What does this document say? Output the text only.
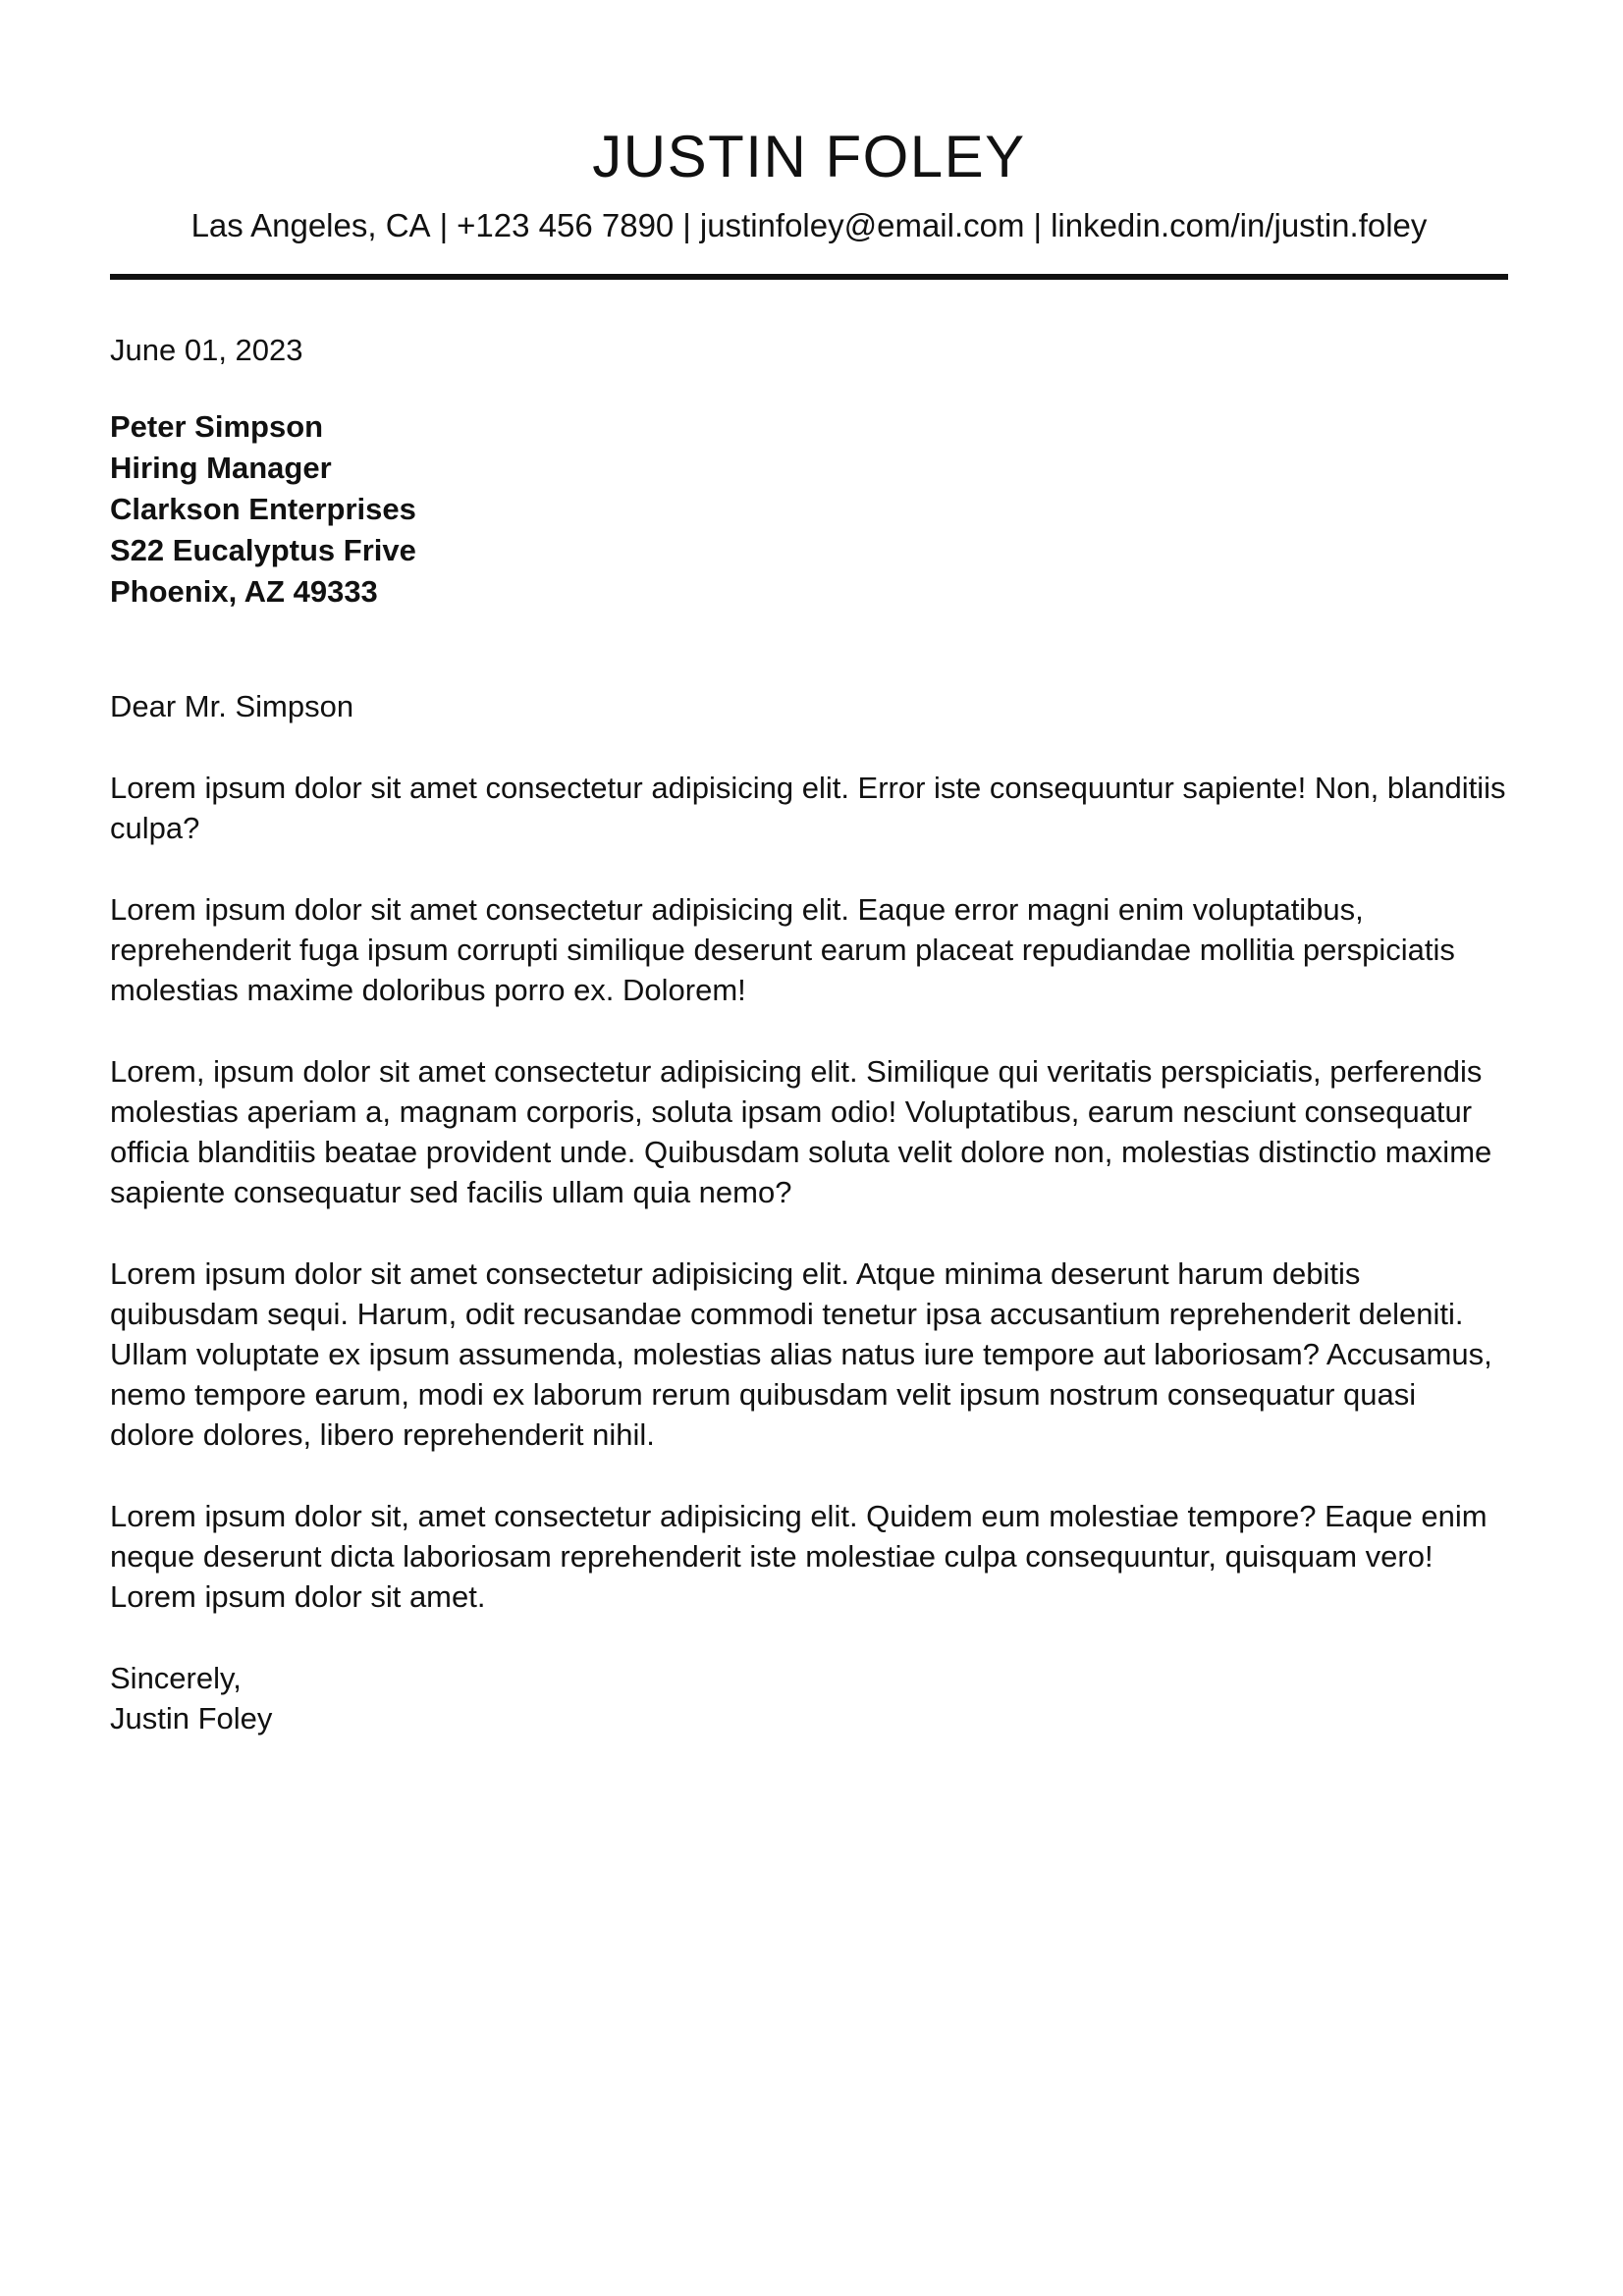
JUSTIN FOLEY
Las Angeles, CA | +123 456 7890 | justinfoley@email.com | linkedin.com/in/justin.foley

June 01, 2023

Peter Simpson

Hiring Manager

Clarkson Enterprises

S22 Eucalyptus Frive

Phoenix, AZ 49333

Dear Mr. Simpson

Lorem ipsum dolor sit amet consectetur adipisicing elit. Error iste consequuntur sapiente! Non, blanditiis culpa?

Lorem ipsum dolor sit amet consectetur adipisicing elit. Eaque error magni enim voluptatibus, reprehenderit fuga ipsum corrupti similique deserunt earum placeat repudiandae mollitia perspiciatis molestias maxime doloribus porro ex. Dolorem!

Lorem, ipsum dolor sit amet consectetur adipisicing elit. Similique qui veritatis perspiciatis, perferendis molestias aperiam a, magnam corporis, soluta ipsam odio! Voluptatibus, earum nesciunt consequatur officia blanditiis beatae provident unde. Quibusdam soluta velit dolore non, molestias distinctio maxime sapiente consequatur sed facilis ullam quia nemo?

Lorem ipsum dolor sit amet consectetur adipisicing elit. Atque minima deserunt harum debitis quibusdam sequi. Harum, odit recusandae commodi tenetur ipsa accusantium reprehenderit deleniti. Ullam voluptate ex ipsum assumenda, molestias alias natus iure tempore aut laboriosam? Accusamus, nemo tempore earum, modi ex laborum rerum quibusdam velit ipsum nostrum consequatur quasi dolore dolores, libero reprehenderit nihil.

Lorem ipsum dolor sit, amet consectetur adipisicing elit. Quidem eum molestiae tempore? Eaque enim neque deserunt dicta laboriosam reprehenderit iste molestiae culpa consequuntur, quisquam vero! Lorem ipsum dolor sit amet.

Sincerely,
Justin Foley
